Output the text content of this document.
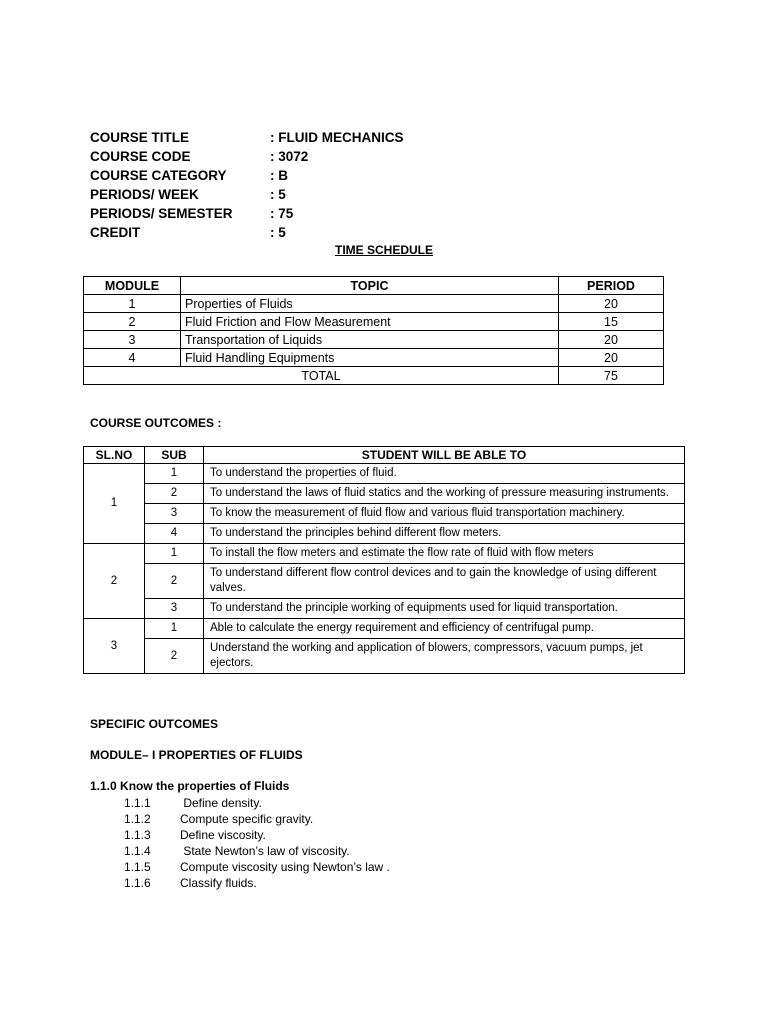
COURSE TITLE	: FLUID MECHANICS
COURSE CODE	: 3072
COURSE CATEGORY	: B
PERIODS/ WEEK	: 5
PERIODS/ SEMESTER	: 75
CREDIT	: 5
TIME SCHEDULE
MODULE	TOPIC	PERIOD
1	Properties of Fluids	20
2	Fluid Friction and Flow Measurement	15
3	Transportation of Liquids	20
4	Fluid Handling Equipments	20
TOTAL		75
COURSE OUTCOMES :
SL.NO	SUB	STUDENT WILL BE ABLE TO
1	1	To understand the properties of fluid.
	2	To understand the laws of fluid statics and the working of pressure measuring instruments.
	3	To know the measurement of fluid flow and various fluid transportation machinery.
	4	To understand the principles behind different flow meters.
2	1	To install the flow meters and estimate the flow rate of fluid with flow meters
	2	To understand different flow control devices and to gain the knowledge of using different valves.
	3	To understand the principle working of equipments used for liquid transportation.
3	1	Able to calculate the energy requirement and efficiency of centrifugal pump.
	2	Understand the working and application of blowers, compressors, vacuum pumps, jet ejectors.
SPECIFIC OUTCOMES
MODULE– I PROPERTIES OF FLUIDS
1.1.0 Know the properties of Fluids
1.1.1 Define density.
1.1.2 Compute specific gravity.
1.1.3 Define viscosity.
1.1.4 State Newton’s law of viscosity.
1.1.5 Compute viscosity using Newton’s law .
1.1.6 Classify fluids.
